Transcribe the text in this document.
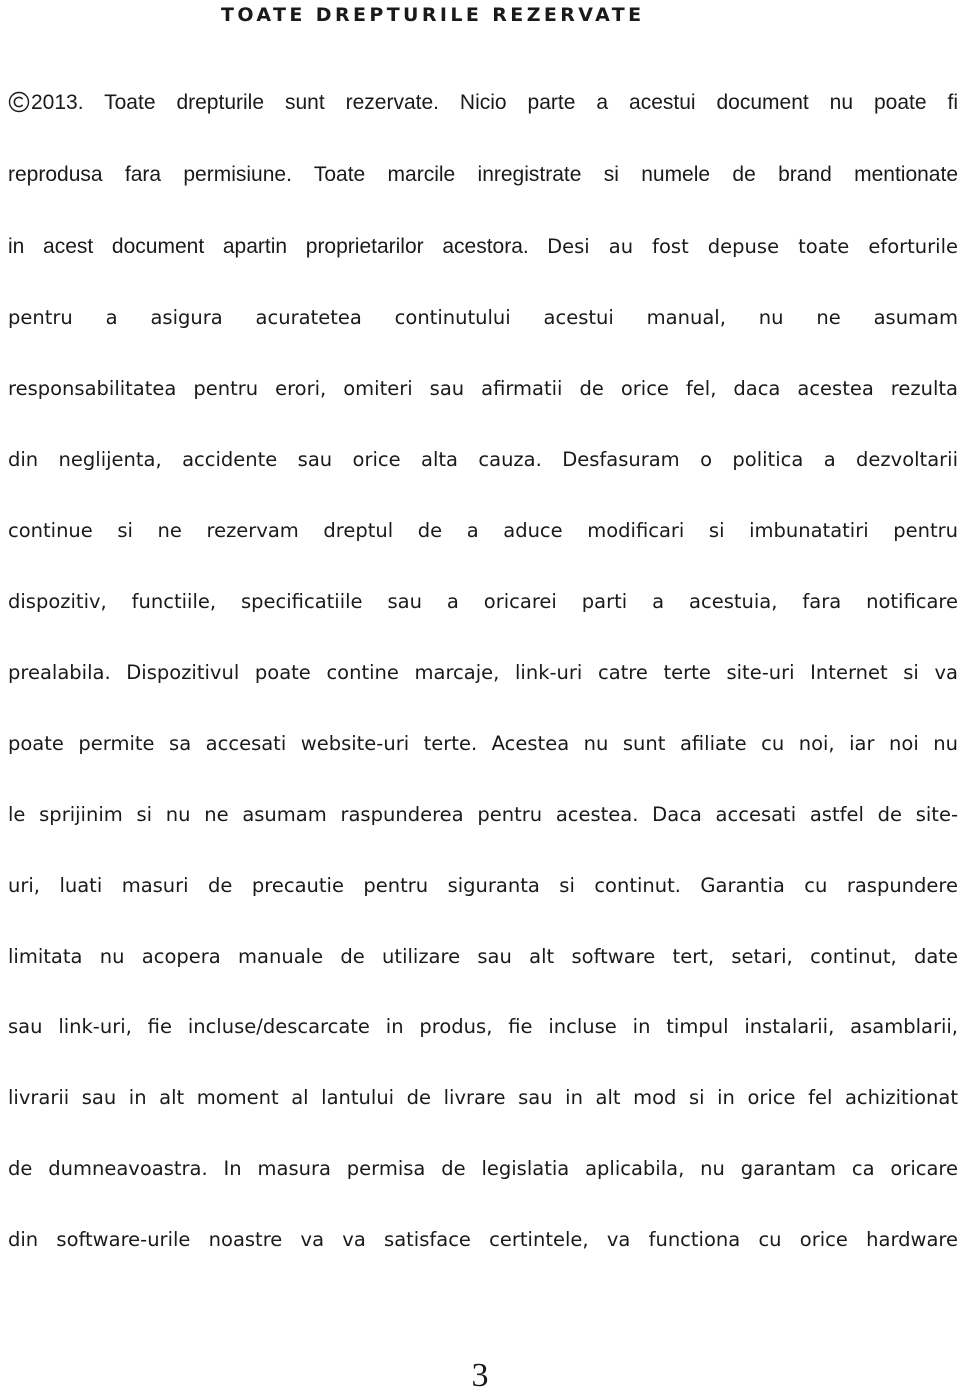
TOATE DREPTURILE REZERVATE
2013. Toate drepturile sunt rezervate. Nicio parte a acestui document nu poate fi
reprodusa fara permisiune. Toate marcile inregistrate si numele de brand mentionate
in acest document apartin proprietarilor acestora. Desi au fost depuse toate eforturile
pentru a asigura acuratetea continutului acestui manual, nu ne asumam
responsabilitatea pentru erori, omiteri sau afirmatii de orice fel, daca acestea rezulta
din neglijenta, accidente sau orice alta cauza. Desfasuram o politica a dezvoltarii
continue si ne rezervam dreptul de a aduce modificari si imbunatatiri pentru
dispozitiv, functiile, specificatiile sau a oricarei parti a acestuia, fara notificare
prealabila. Dispozitivul poate contine marcaje, link-uri catre terte site-uri Internet si va
poate permite sa accesati website-uri terte. Acestea nu sunt afiliate cu noi, iar noi nu
le sprijinim si nu ne asumam raspunderea pentru acestea. Daca accesati astfel de site-
uri, luati masuri de precautie pentru siguranta si continut. Garantia cu raspundere
limitata nu acopera manuale de utilizare sau alt software tert, setari, continut, date
sau link-uri, fie incluse/descarcate in produs, fie incluse in timpul instalarii, asamblarii,
livrarii sau in alt moment al lantului de livrare sau in alt mod si in orice fel achizitionat
de dumneavoastra. In masura permisa de legislatia aplicabila, nu garantam ca oricare
din software-urile noastre va va satisface certintele, va functiona cu orice hardware
3
